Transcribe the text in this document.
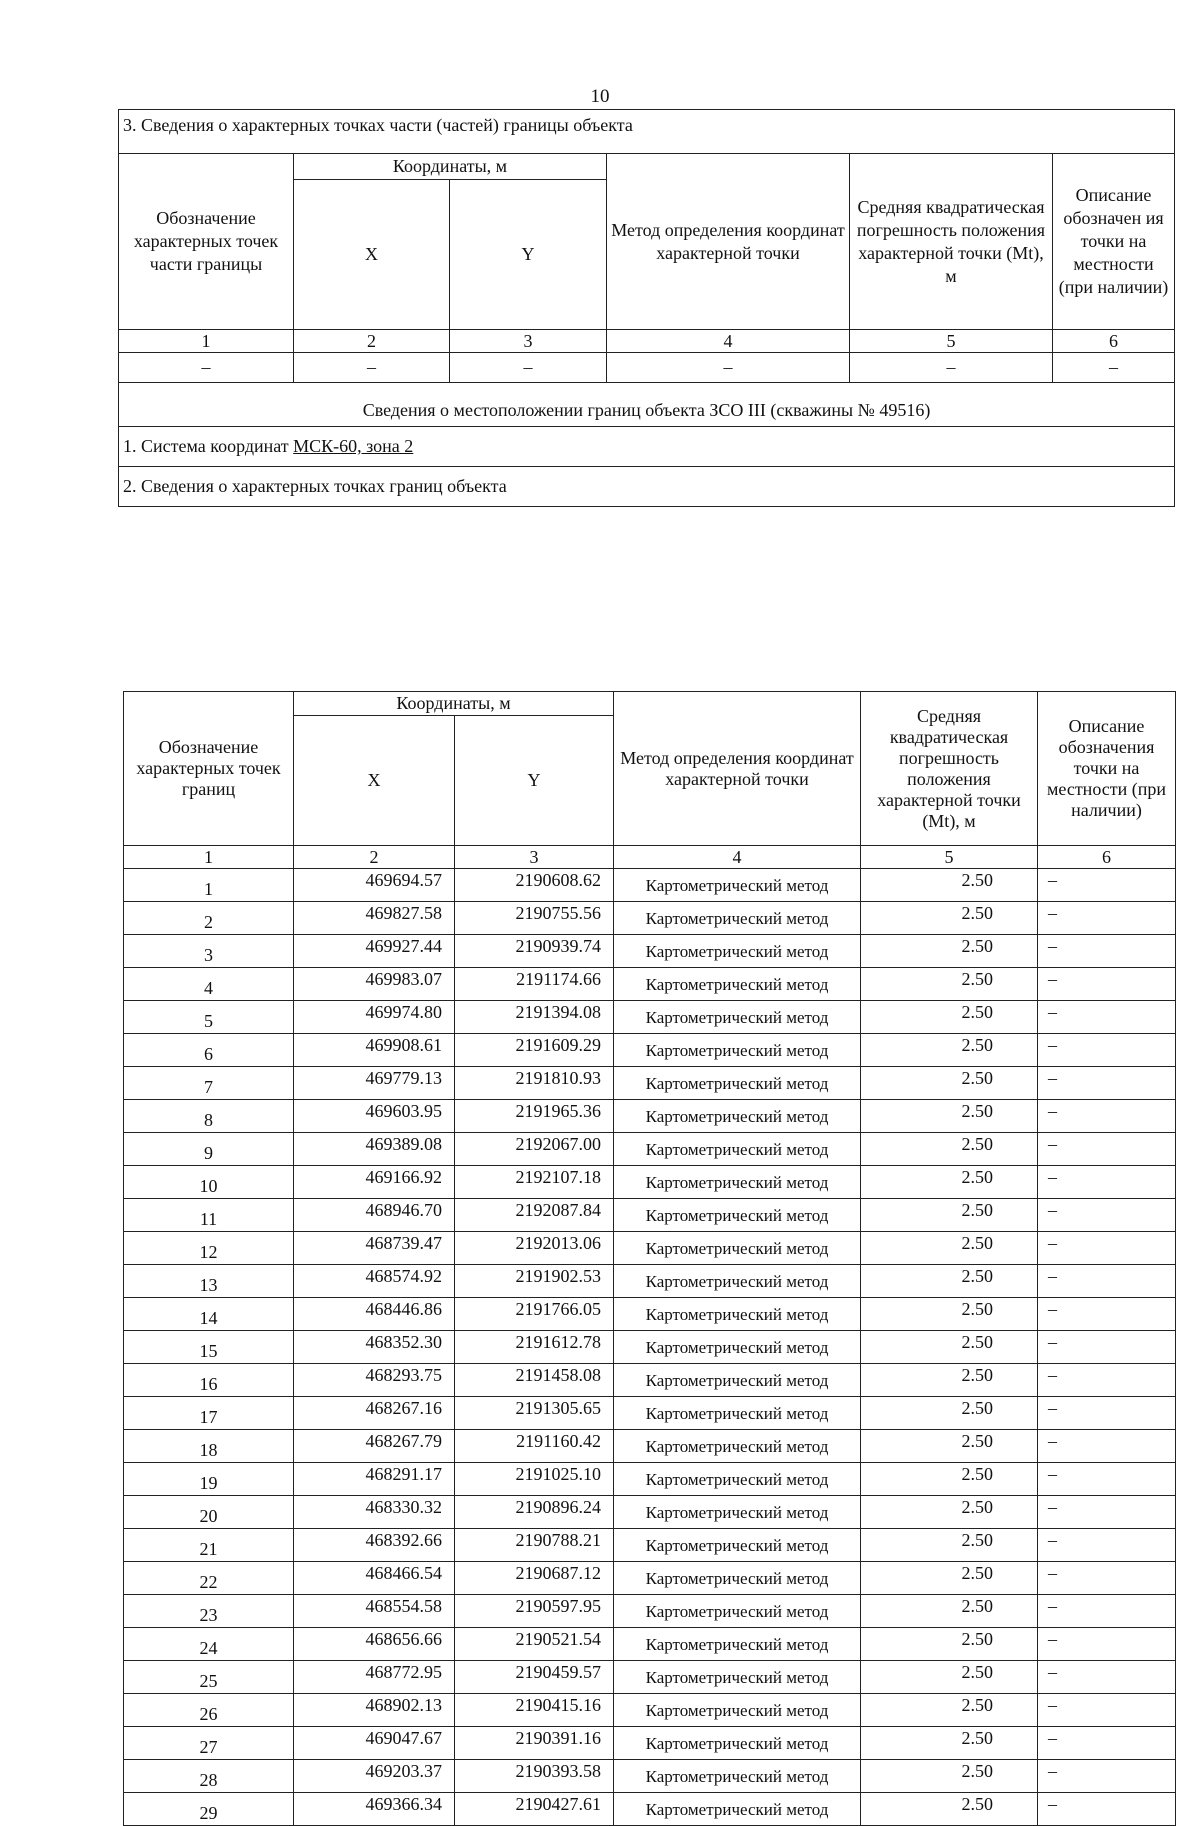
10
3. Сведения о характерных точках части (частей) границы объекта					
Обозначение характерных точек части границы	Координаты, м		Метод определения координат характерной точки	Средняя квадратическая погрешность положения характерной точки (Mt), м	Описание обозначен ия точки на местности (при наличии)
	X	Y			
1	2	3	4	5	6
–	–	–	–	–	–
Сведения о местоположении границ объекта ЗСО III (скважины № 49516)					
1. Система координат МСК-60, зона 2					
2. Сведения о характерных точках границ объекта					
Обозначение характерных точек границ	Координаты, м		Метод определения координат характерной точки	Средняя квадратическая погрешность положения характерной точки (Mt), м	Описание обозначения точки на местности (при наличии)
	X	Y			
1	2	3	4	5	6
1	469694.57	2190608.62	Картометрический метод	2.50	–
2	469827.58	2190755.56	Картометрический метод	2.50	–
3	469927.44	2190939.74	Картометрический метод	2.50	–
4	469983.07	2191174.66	Картометрический метод	2.50	–
5	469974.80	2191394.08	Картометрический метод	2.50	–
6	469908.61	2191609.29	Картометрический метод	2.50	–
7	469779.13	2191810.93	Картометрический метод	2.50	–
8	469603.95	2191965.36	Картометрический метод	2.50	–
9	469389.08	2192067.00	Картометрический метод	2.50	–
10	469166.92	2192107.18	Картометрический метод	2.50	–
11	468946.70	2192087.84	Картометрический метод	2.50	–
12	468739.47	2192013.06	Картометрический метод	2.50	–
13	468574.92	2191902.53	Картометрический метод	2.50	–
14	468446.86	2191766.05	Картометрический метод	2.50	–
15	468352.30	2191612.78	Картометрический метод	2.50	–
16	468293.75	2191458.08	Картометрический метод	2.50	–
17	468267.16	2191305.65	Картометрический метод	2.50	–
18	468267.79	2191160.42	Картометрический метод	2.50	–
19	468291.17	2191025.10	Картометрический метод	2.50	–
20	468330.32	2190896.24	Картометрический метод	2.50	–
21	468392.66	2190788.21	Картометрический метод	2.50	–
22	468466.54	2190687.12	Картометрический метод	2.50	–
23	468554.58	2190597.95	Картометрический метод	2.50	–
24	468656.66	2190521.54	Картометрический метод	2.50	–
25	468772.95	2190459.57	Картометрический метод	2.50	–
26	468902.13	2190415.16	Картометрический метод	2.50	–
27	469047.67	2190391.16	Картометрический метод	2.50	–
28	469203.37	2190393.58	Картометрический метод	2.50	–
29	469366.34	2190427.61	Картометрический метод	2.50	–
